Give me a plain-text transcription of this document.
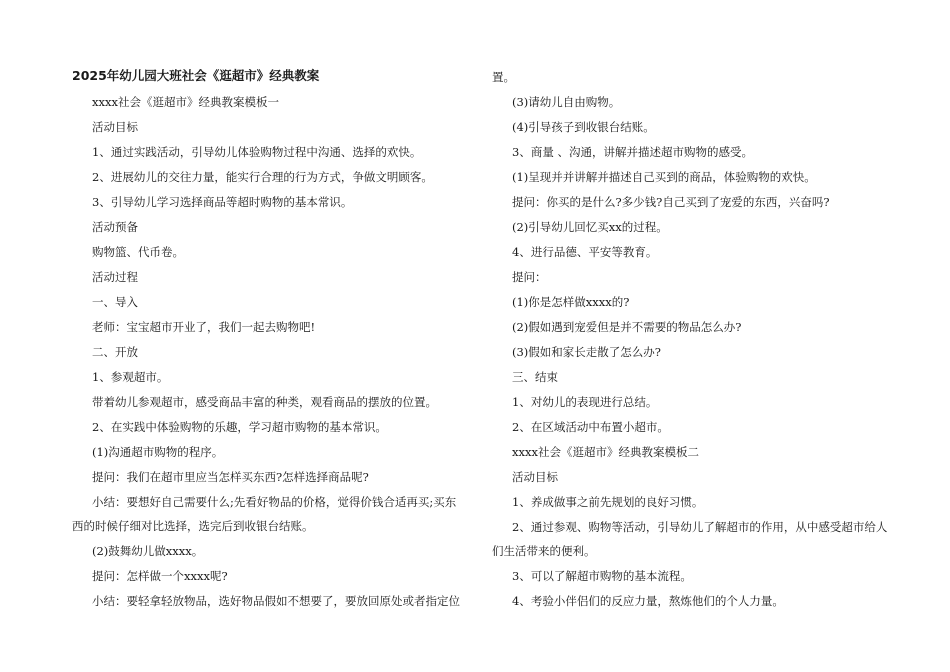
2025年幼儿园大班社会《逛超市》经典教案
xxxx社会《逛超市》经典教案模板一
活动目标
1、通过实践活动，引导幼儿体验购物过程中沟通、选择的欢快。
2、进展幼儿的交往力量，能实行合理的行为方式，争做文明顾客。
3、引导幼儿学习选择商品等超时购物的基本常识。
活动预备
购物篮、代币卷。
活动过程
一、导入
老师：宝宝超市开业了，我们一起去购物吧!
二、开放
1、参观超市。
带着幼儿参观超市，感受商品丰富的种类，观看商品的摆放的位置。
2、在实践中体验购物的乐趣，学习超市购物的基本常识。
(1)沟通超市购物的程序。
提问：我们在超市里应当怎样买东西?怎样选择商品呢?
小结：要想好自己需要什么;先看好物品的价格，觉得价钱合适再买;买东
西的时候仔细对比选择，选完后到收银台结账。
(2)鼓舞幼儿做xxxx。
提问：怎样做一个xxxx呢?
小结：要轻拿轻放物品，选好物品假如不想要了，要放回原处或者指定位
置。
(3)请幼儿自由购物。
(4)引导孩子到收银台结账。
3、商量 、沟通，讲解并描述超市购物的感受。
(1)呈现并并讲解并描述自己买到的商品，体验购物的欢快。
提问：你买的是什么?多少钱?自己买到了宠爱的东西，兴奋吗?
(2)引导幼儿回忆买xx的过程。
4、进行品德、平安等教育。
提问：
(1)你是怎样做xxxx的?
(2)假如遇到宠爱但是并不需要的物品怎么办?
(3)假如和家长走散了怎么办?
三、结束
1、对幼儿的表现进行总结。
2、在区域活动中布置小超市。
xxxx社会《逛超市》经典教案模板二
活动目标
1、养成做事之前先规划的良好习惯。
2、通过参观、购物等活动，引导幼儿了解超市的作用，从中感受超市给人
们生活带来的便利。
3、可以了解超市购物的基本流程。
4、考验小伴侣们的反应力量，熬炼他们的个人力量。
